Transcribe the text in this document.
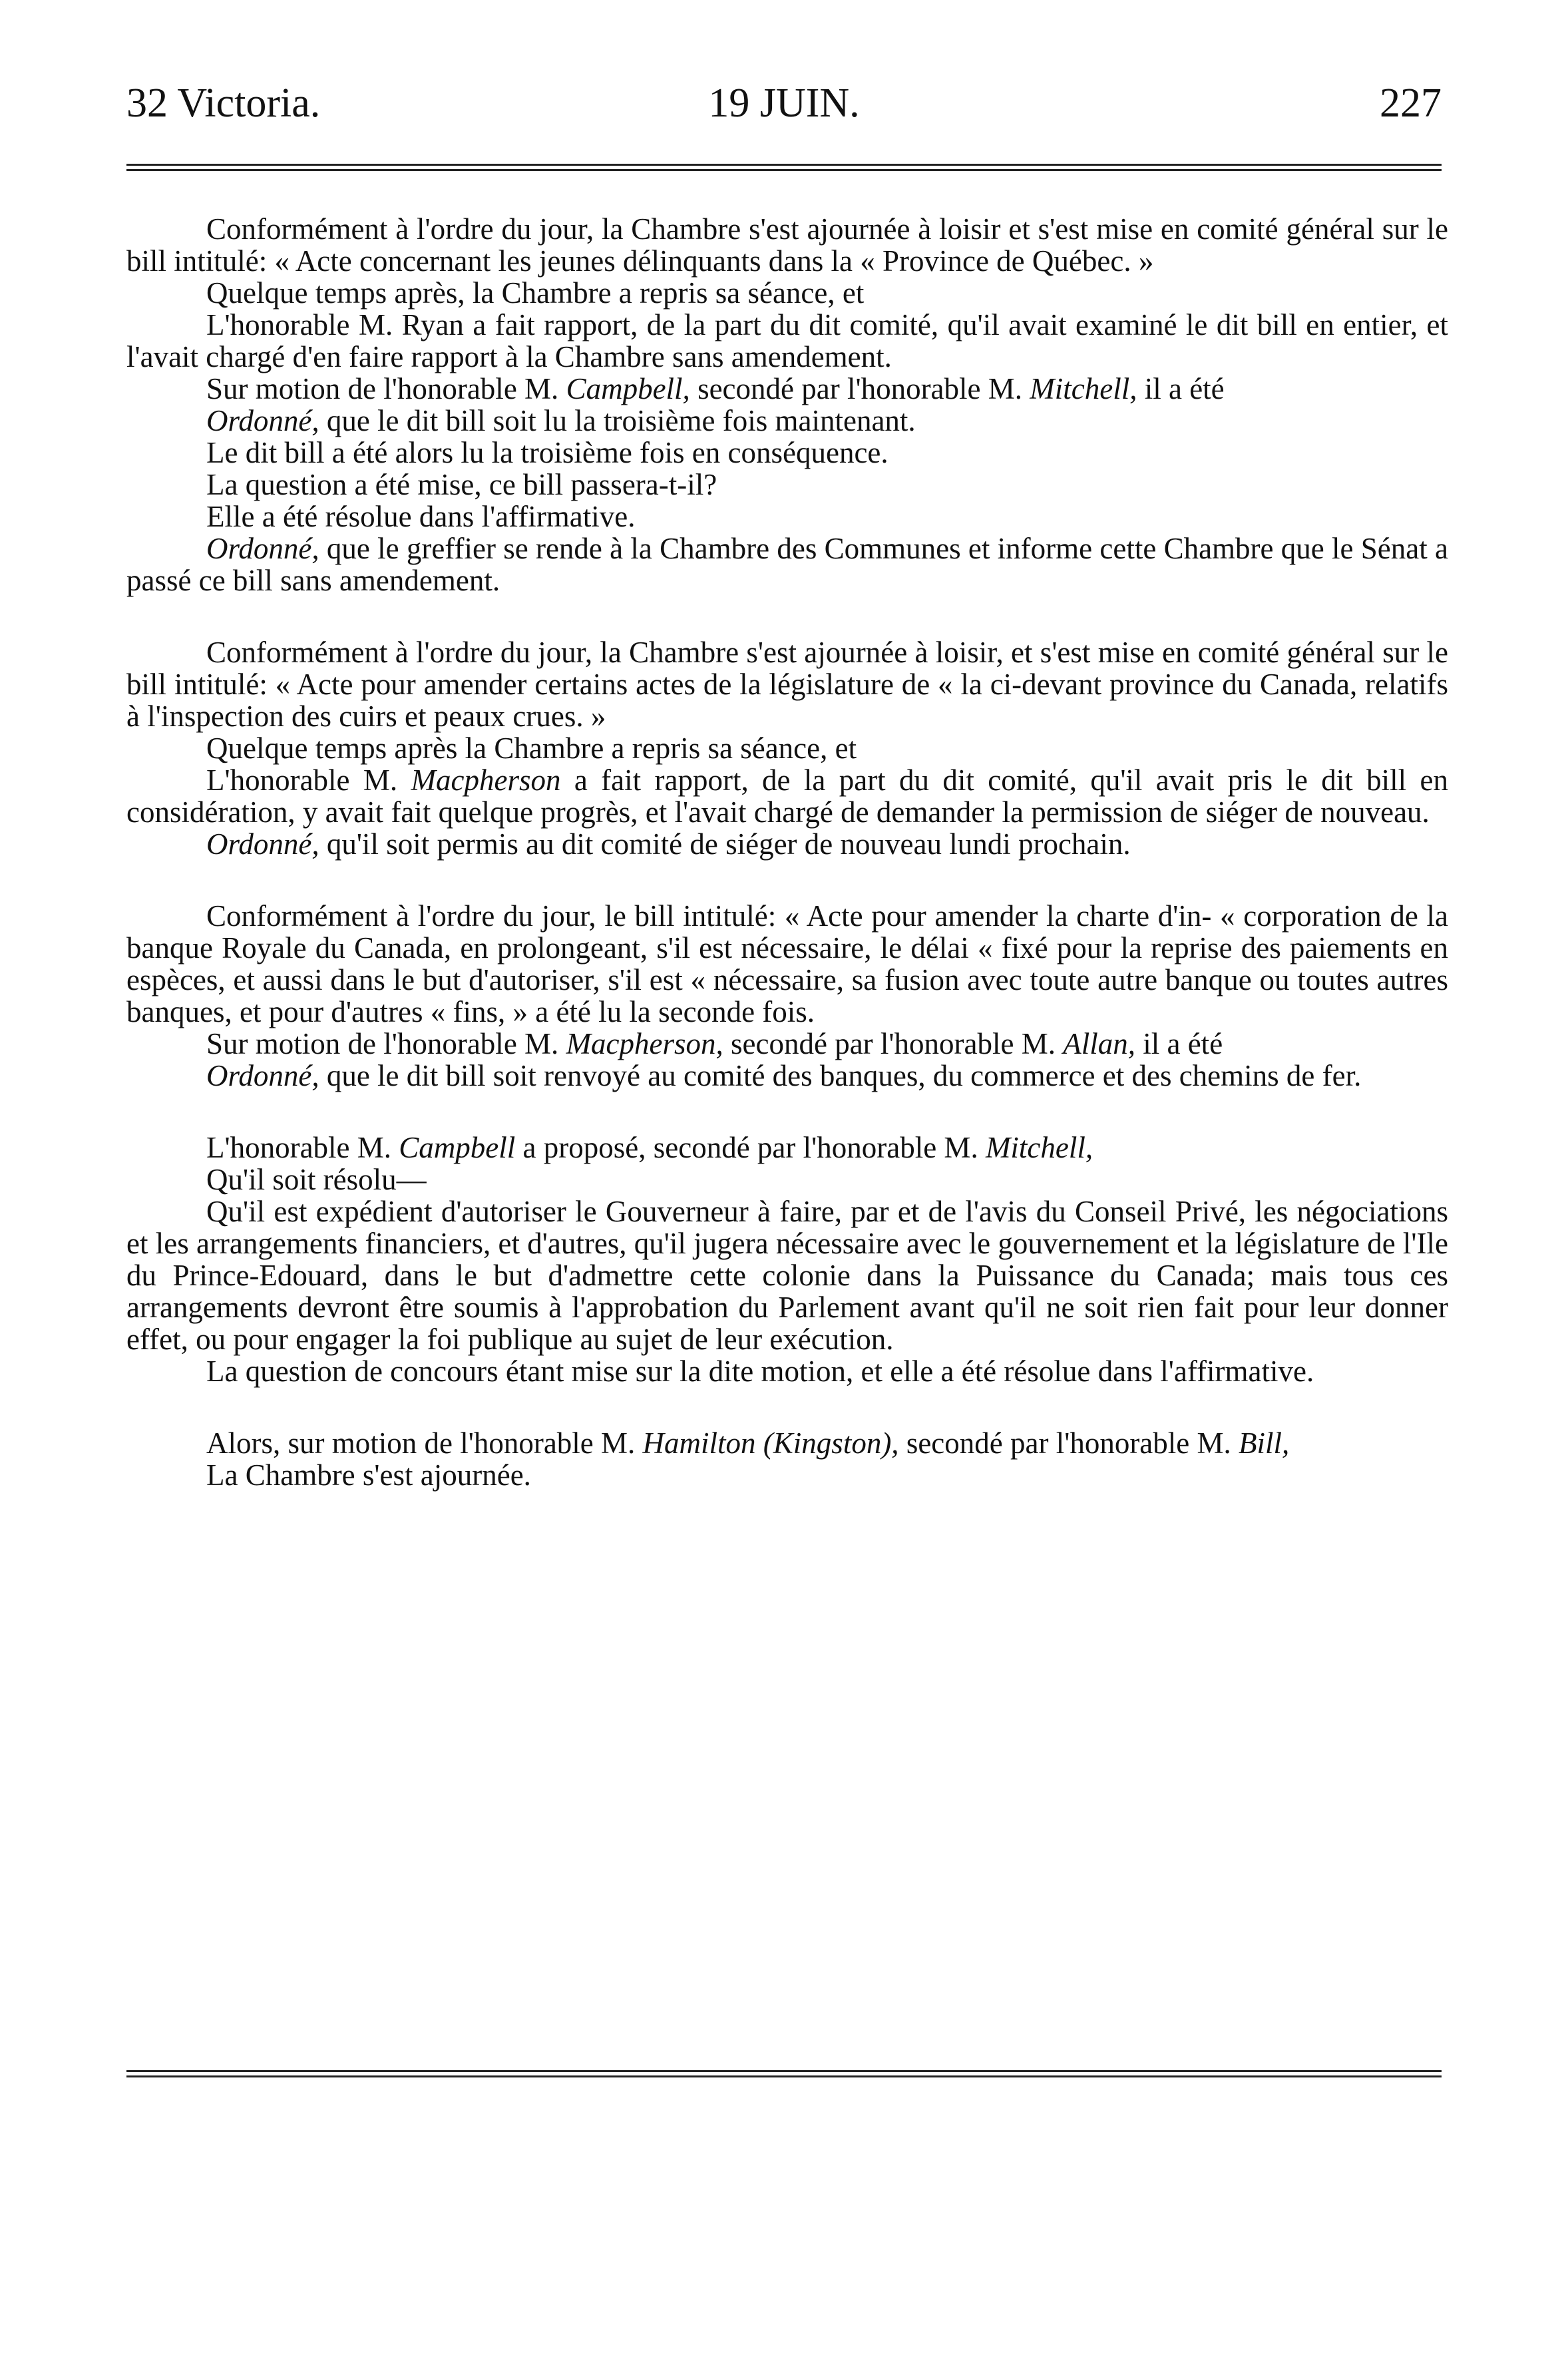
32 Victoria.	19 JUIN.	227

Conformément à l'ordre du jour, la Chambre s'est ajournée à loisir et s'est mise en comité général sur le bill intitulé: « Acte concernant les jeunes délinquants dans la « Province de Québec. »

Quelque temps après, la Chambre a repris sa séance, et

L'honorable M. Ryan a fait rapport, de la part du dit comité, qu'il avait examiné le dit bill en entier, et l'avait chargé d'en faire rapport à la Chambre sans amendement.

Sur motion de l'honorable M. Campbell, secondé par l'honorable M. Mitchell, il a été

Ordonné, que le dit bill soit lu la troisième fois maintenant.

Le dit bill a été alors lu la troisième fois en conséquence.

La question a été mise, ce bill passera-t-il?

Elle a été résolue dans l'affirmative.

Ordonné, que le greffier se rende à la Chambre des Communes et informe cette Chambre que le Sénat a passé ce bill sans amendement.

Conformément à l'ordre du jour, la Chambre s'est ajournée à loisir, et s'est mise en comité général sur le bill intitulé: « Acte pour amender certains actes de la législature de « la ci-devant province du Canada, relatifs à l'inspection des cuirs et peaux crues. »

Quelque temps après la Chambre a repris sa séance, et

L'honorable M. Macpherson a fait rapport, de la part du dit comité, qu'il avait pris le dit bill en considération, y avait fait quelque progrès, et l'avait chargé de demander la permission de siéger de nouveau.

Ordonné, qu'il soit permis au dit comité de siéger de nouveau lundi prochain.

Conformément à l'ordre du jour, le bill intitulé: « Acte pour amender la charte d'in- « corporation de la banque Royale du Canada, en prolongeant, s'il est nécessaire, le délai « fixé pour la reprise des paiements en espèces, et aussi dans le but d'autoriser, s'il est « nécessaire, sa fusion avec toute autre banque ou toutes autres banques, et pour d'autres « fins, » a été lu la seconde fois.

Sur motion de l'honorable M. Macpherson, secondé par l'honorable M. Allan, il a été

Ordonné, que le dit bill soit renvoyé au comité des banques, du commerce et des chemins de fer.

L'honorable M. Campbell a proposé, secondé par l'honorable M. Mitchell,

Qu'il soit résolu—

Qu'il est expédient d'autoriser le Gouverneur à faire, par et de l'avis du Conseil Privé, les négociations et les arrangements financiers, et d'autres, qu'il jugera nécessaire avec le gouvernement et la législature de l'Ile du Prince-Edouard, dans le but d'admettre cette colonie dans la Puissance du Canada; mais tous ces arrangements devront être soumis à l'approbation du Parlement avant qu'il ne soit rien fait pour leur donner effet, ou pour engager la foi publique au sujet de leur exécution.

La question de concours étant mise sur la dite motion, et elle a été résolue dans l'affirmative.

Alors, sur motion de l'honorable M. Hamilton (Kingston), secondé par l'honorable M. Bill,

La Chambre s'est ajournée.
